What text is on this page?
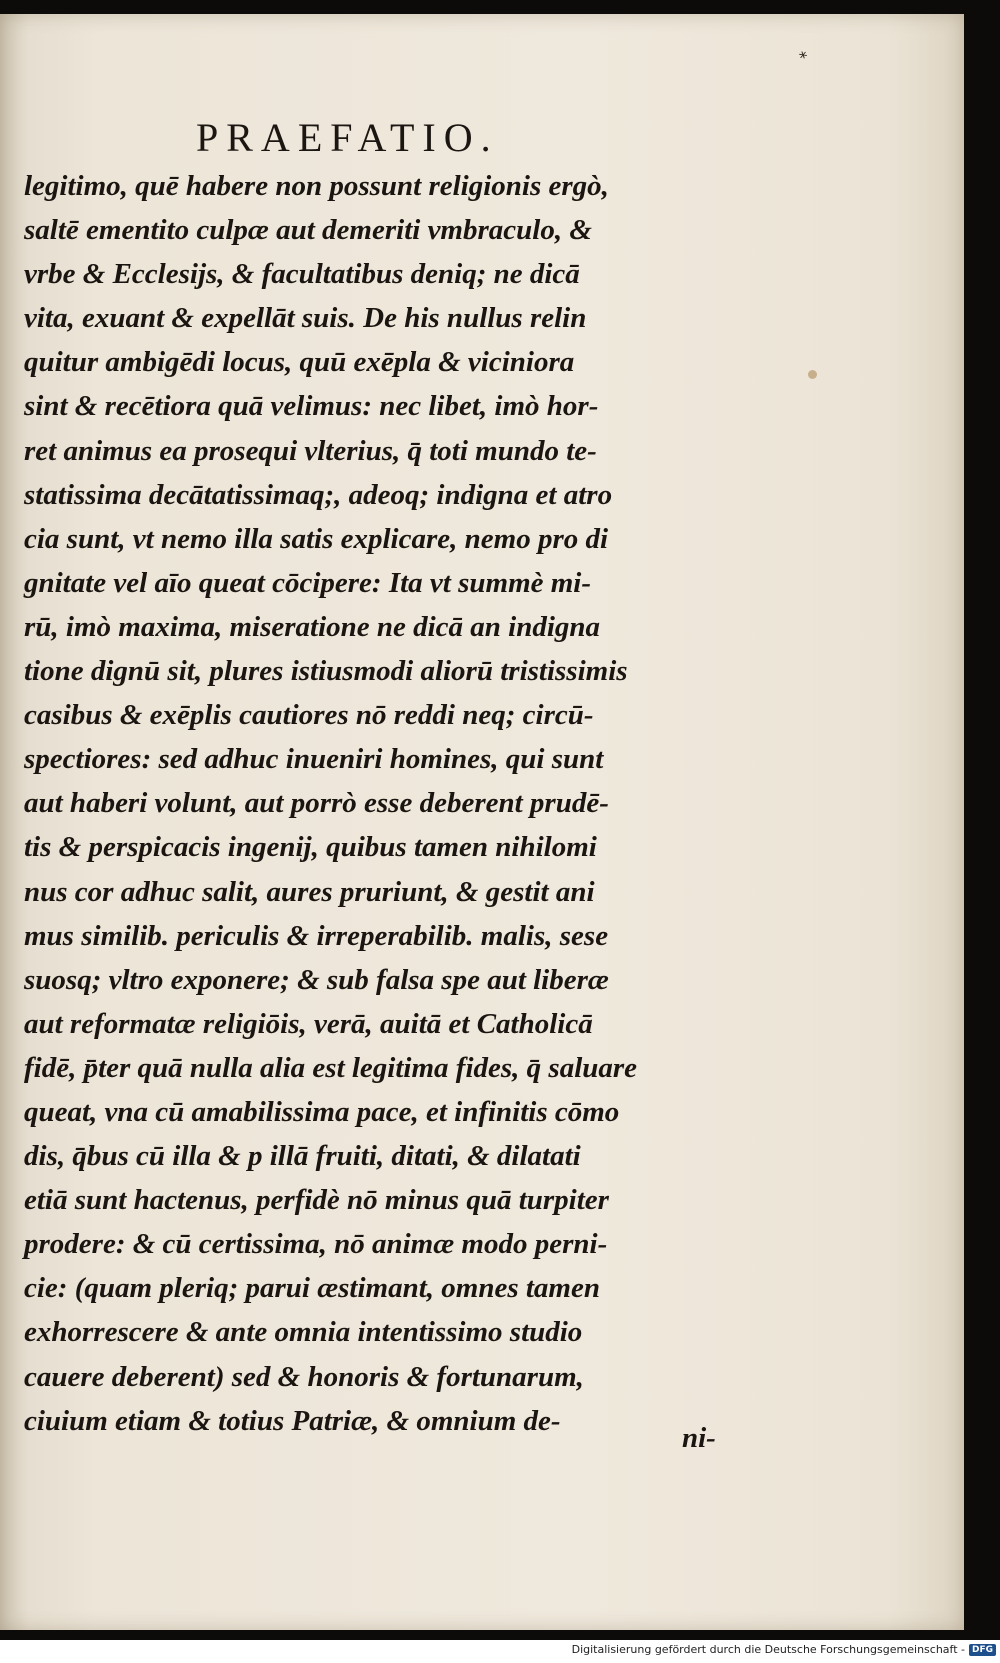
*
PRAEFATIO.
legitimo, quē habere non possunt religionis ergò,
saltē ementito culpæ aut demeriti vmbraculo, &
vrbe & Ecclesijs, & facultatibus deniq; ne dicā
vita, exuant & expellāt suis. De his nullus relin
quitur ambigēdi locus, quū exēpla & viciniora
sint & recētiora quā velimus: nec libet, imò hor-
ret animus ea prosequi vlterius, q̄ toti mundo te-
statissima decātatissimaq;, adeoq; indigna et atro
cia sunt, vt nemo illa satis explicare, nemo pro di
gnitate vel aīo queat cōcipere: Ita vt summè mi-
rū, imò maxima, miseratione ne dicā an indigna
tione dignū sit, plures istiusmodi aliorū tristissimis
casibus & exēplis cautiores nō reddi neq; circū-
spectiores: sed adhuc inueniri homines, qui sunt
aut haberi volunt, aut porrò esse deberent prudē-
tis & perspicacis ingenij, quibus tamen nihilomi
nus cor adhuc salit, aures pruriunt, & gestit ani
mus similib. periculis & irreperabilib. malis, sese
suosq; vltro exponere; & sub falsa spe aut liberæ
aut reformatæ religiōis, verā, auitā et Catholicā
fidē, p̄ter quā nulla alia est legitima fides, q̄ saluare
queat, vna cū amabilissima pace, et infinitis cōmo
dis, q̄bus cū illa & p illā fruiti, ditati, & dilatati
etiā sunt hactenus, perfidè nō minus quā turpiter
prodere: & cū certissima, nō animæ modo perni-
cie: (quam pleriq; parui æstimant, omnes tamen
exhorrescere & ante omnia intentissimo studio
cauere deberent) sed & honoris & fortunarum,
ciuium etiam & totius Patriæ, & omnium de-
ni-
Digitalisierung gefördert durch die Deutsche Forschungsgemeinschaft - DFG
